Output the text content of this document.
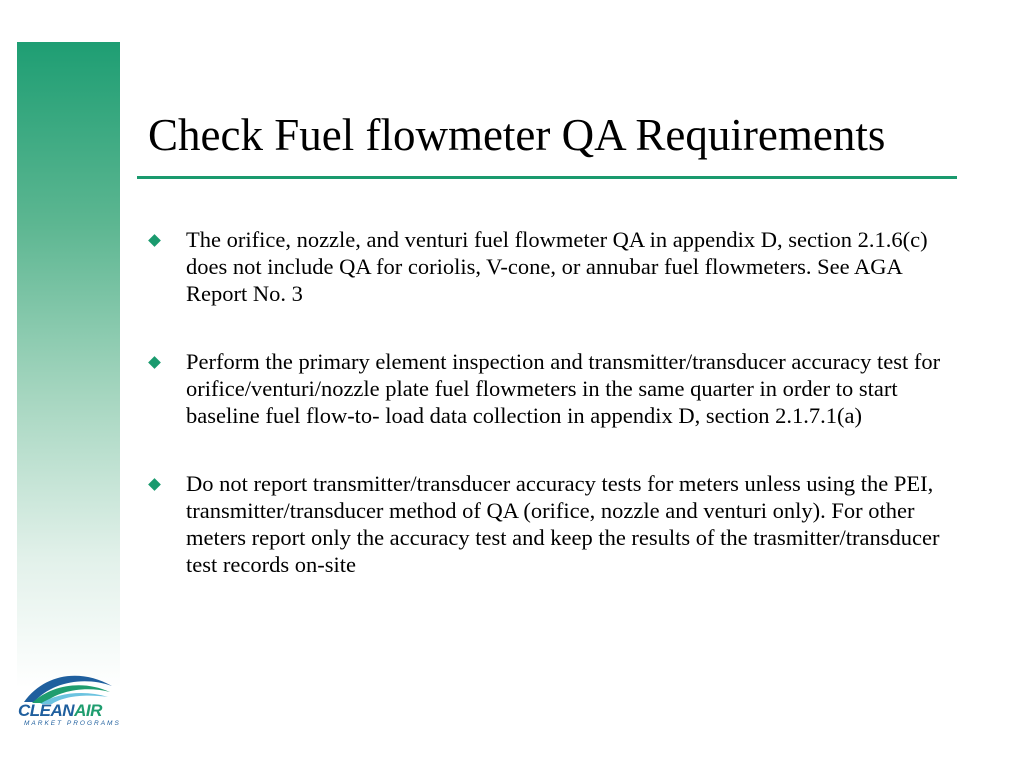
Check Fuel flowmeter QA Requirements
The orifice, nozzle, and venturi fuel flowmeter QA in appendix D, section 2.1.6(c) does not include QA for coriolis, V-cone, or annubar fuel flowmeters. See AGA Report No. 3
Perform the primary element inspection and transmitter/transducer accuracy test for orifice/venturi/nozzle plate fuel flowmeters in the same quarter in order to start baseline fuel flow-to- load data collection in appendix D, section 2.1.7.1(a)
Do not report transmitter/transducer accuracy tests for meters unless using the PEI, transmitter/transducer method of QA (orifice, nozzle and venturi only). For other meters report only the accuracy test and keep the results of the trasmitter/transducer test records on-site
CLEANAIR
MARKET PROGRAMS
